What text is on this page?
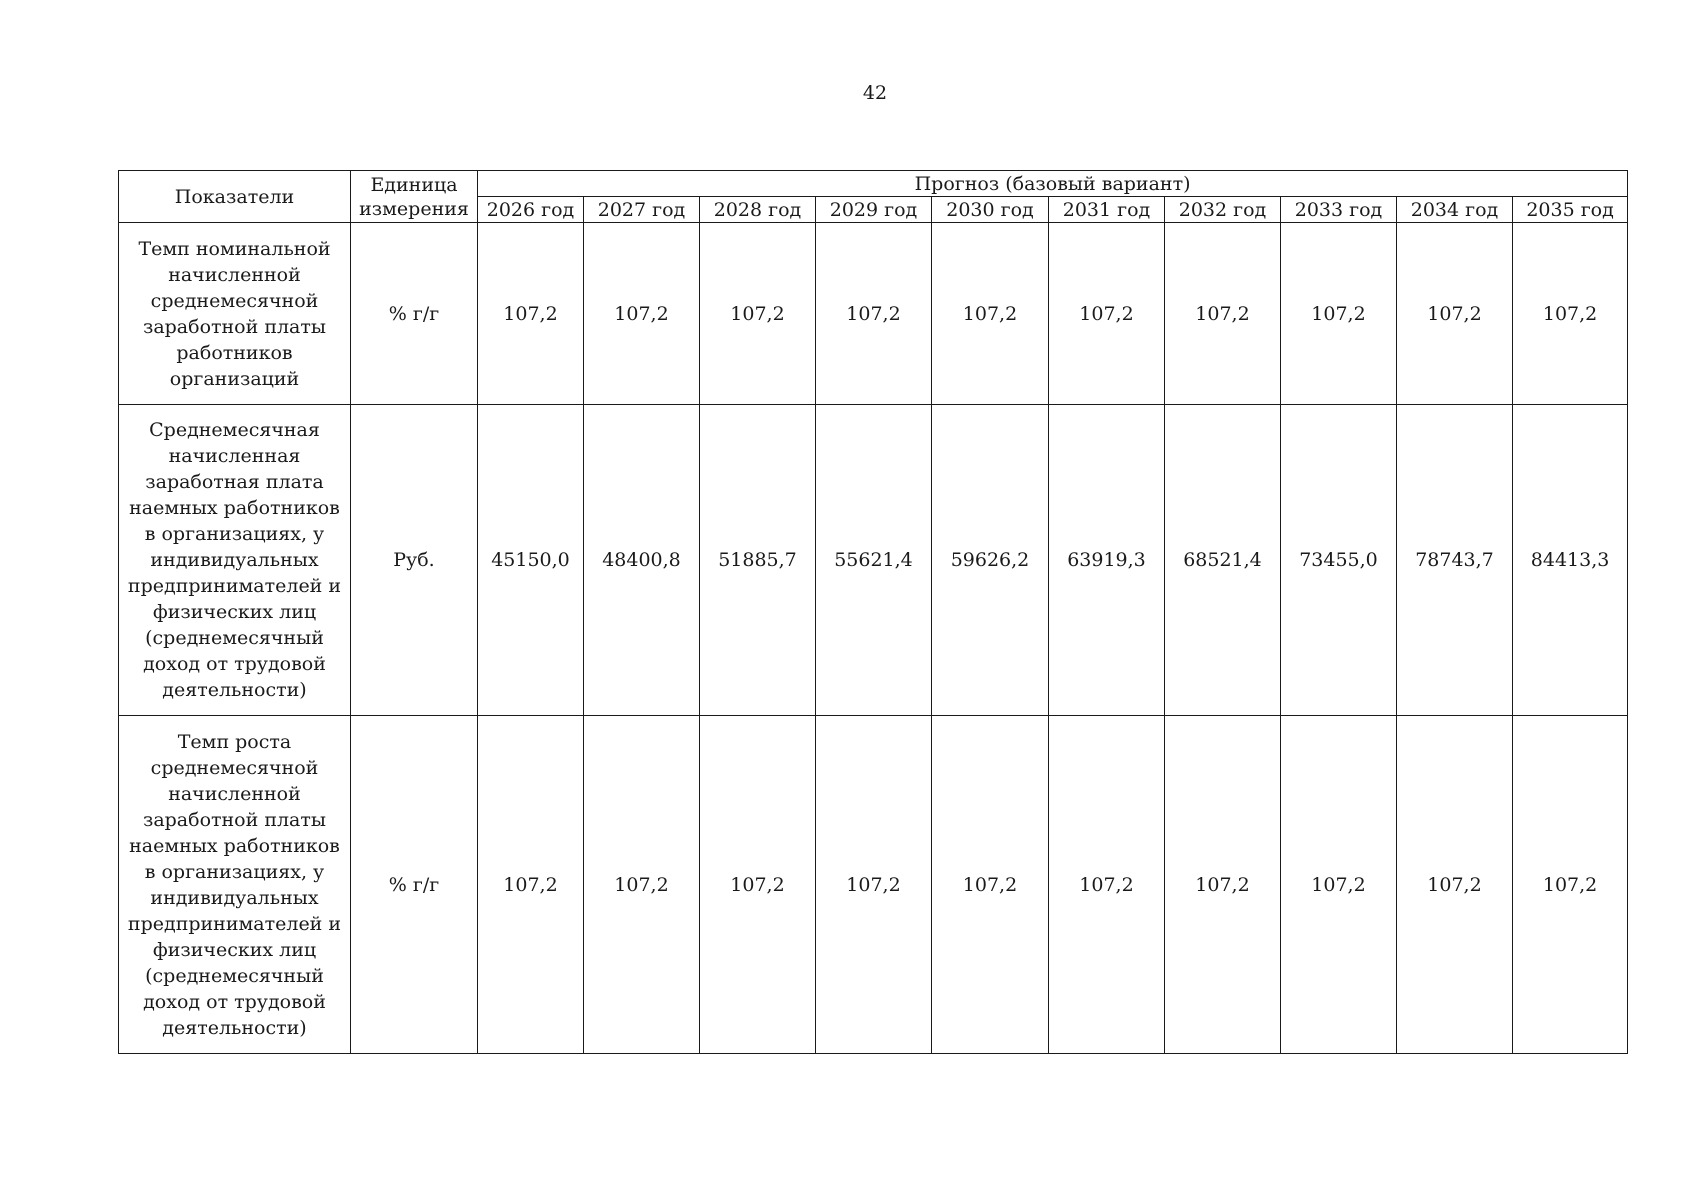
42
Показатели	Единица измерения	Прогноз (базовый вариант)									
		2026 год	2027 год	2028 год	2029 год	2030 год	2031 год	2032 год	2033 год	2034 год	2035 год
Темп номинальной начисленной среднемесячной заработной платы работников организаций	% г/г	107,2	107,2	107,2	107,2	107,2	107,2	107,2	107,2	107,2	107,2
Среднемесячная начисленная заработная плата наемных работников в организациях, у индивидуальных предпринимателей и физических лиц (среднемесячный доход от трудовой деятельности)	Руб.	45150,0	48400,8	51885,7	55621,4	59626,2	63919,3	68521,4	73455,0	78743,7	84413,3
Темп роста среднемесячной начисленной заработной платы наемных работников в организациях, у индивидуальных предпринимателей и физических лиц (среднемесячный доход от трудовой деятельности)	% г/г	107,2	107,2	107,2	107,2	107,2	107,2	107,2	107,2	107,2	107,2
